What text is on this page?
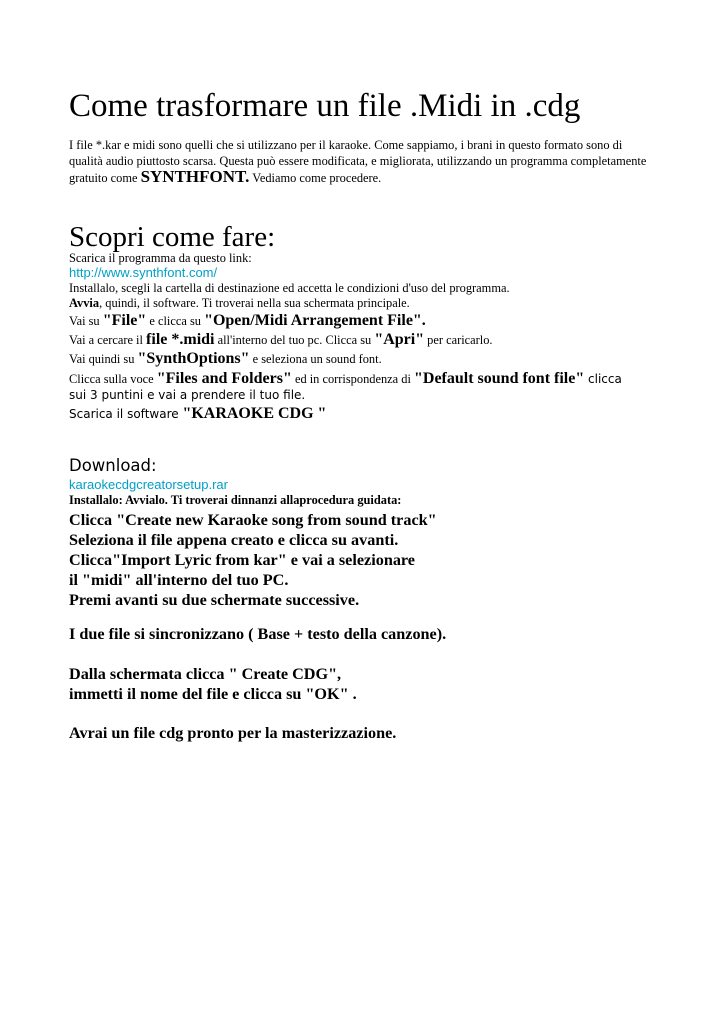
Come trasformare un file .Midi in .cdg
I file *.kar e midi sono quelli che si utilizzano per il karaoke. Come sappiamo, i brani in questo formato sono di qualità audio piuttosto scarsa. Questa può essere modificata, e migliorata, utilizzando un programma completamente gratuito come SYNTHFONT. Vediamo come procedere.
Scopri come fare:
Scarica il programma da questo link:
http://www.synthfont.com/
Installalo, scegli la cartella di destinazione ed accetta le condizioni d'uso del programma.
Avvia, quindi, il software. Ti troverai nella sua schermata principale.
Vai su "File" e clicca su "Open/Midi Arrangement File".
Vai a cercare il file *.midi all'interno del tuo pc. Clicca su "Apri" per caricarlo.
Vai quindi su "SynthOptions" e seleziona un sound font.
Clicca sulla voce "Files and Folders" ed in corrispondenza di "Default sound font file" clicca
sui 3 puntini e vai a prendere il tuo file.
Scarica il software "KARAOKE CDG "
Download:
karaokecdgcreatorsetup.rar
Installalo: Avvialo. Ti troverai dinnanzi allaprocedura guidata:
Clicca "Create new Karaoke song from sound track"
Seleziona il file appena creato e clicca su avanti.
Clicca"Import Lyric from kar" e vai a selezionare
il "midi" all'interno del tuo PC.
Premi avanti su due schermate successive.
I due file si sincronizzano ( Base + testo della canzone).
Dalla schermata clicca " Create CDG",
immetti il nome del file e clicca su "OK" .
Avrai un file cdg pronto per la masterizzazione.
